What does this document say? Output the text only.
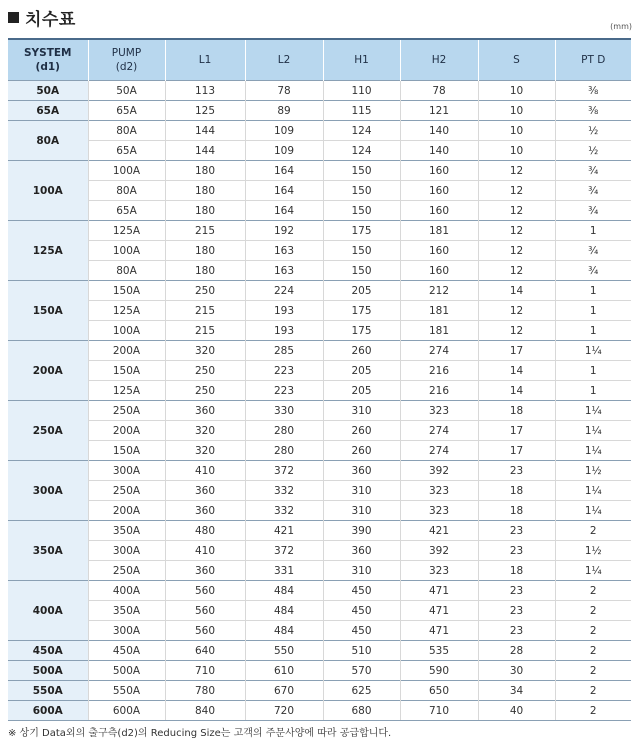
치수표	(mm)
SYSTEM
(d1)	PUMP
(d2)	L1	L2	H1	H2	S	PT D
50A	50A	113	78	110	78	10	⅜
65A	65A	125	89	115	121	10	⅜
80A	80A	144	109	124	140	10	½
	65A	144	109	124	140	10	½
100A	100A	180	164	150	160	12	¾
	80A	180	164	150	160	12	¾
	65A	180	164	150	160	12	¾
125A	125A	215	192	175	181	12	1
	100A	180	163	150	160	12	¾
	80A	180	163	150	160	12	¾
150A	150A	250	224	205	212	14	1
	125A	215	193	175	181	12	1
	100A	215	193	175	181	12	1
200A	200A	320	285	260	274	17	1¼
	150A	250	223	205	216	14	1
	125A	250	223	205	216	14	1
250A	250A	360	330	310	323	18	1¼
	200A	320	280	260	274	17	1¼
	150A	320	280	260	274	17	1¼
300A	300A	410	372	360	392	23	1½
	250A	360	332	310	323	18	1¼
	200A	360	332	310	323	18	1¼
350A	350A	480	421	390	421	23	2
	300A	410	372	360	392	23	1½
	250A	360	331	310	323	18	1¼
400A	400A	560	484	450	471	23	2
	350A	560	484	450	471	23	2
	300A	560	484	450	471	23	2
450A	450A	640	550	510	535	28	2
500A	500A	710	610	570	590	30	2
550A	550A	780	670	625	650	34	2
600A	600A	840	720	680	710	40	2
※ 상기 Data외의 출구측(d2)의 Reducing Size는 고객의 주문사양에 따라 공급합니다.
